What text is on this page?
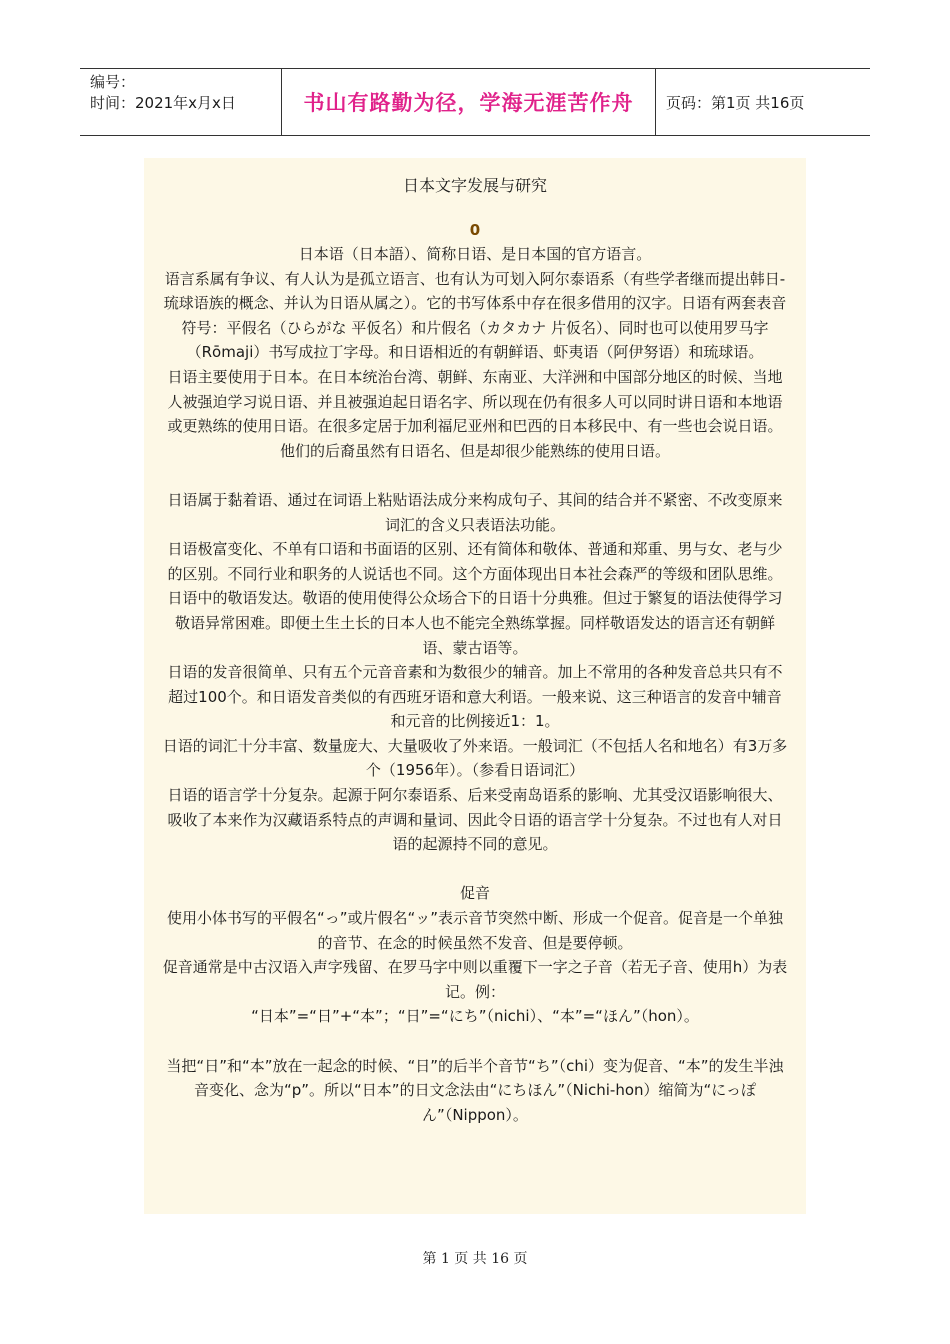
编号：
时间：2021年x月x日	书山有路勤为径，学海无涯苦作舟	页码：第1页 共16页
日本文字发展与研究
0

日本语（日本語）、简称日语、是日本国的官方语言。

语言系属有争议、有人认为是孤立语言、也有认为可划入阿尔泰语系（有些学者继而提出韩日-琉球语族的概念、并认为日语从属之）。它的书写体系中存在很多借用的汉字。日语有两套表音符号：平假名（ひらがな 平仮名）和片假名（カタカナ 片仮名）、同时也可以使用罗马字（Rōmaji）书写成拉丁字母。和日语相近的有朝鲜语、虾夷语（阿伊努语）和琉球语。

日语主要使用于日本。在日本统治台湾、朝鲜、东南亚、大洋洲和中国部分地区的时候、当地人被强迫学习说日语、并且被强迫起日语名字、所以现在仍有很多人可以同时讲日语和本地语或更熟练的使用日语。在很多定居于加利福尼亚州和巴西的日本移民中、有一些也会说日语。他们的后裔虽然有日语名、但是却很少能熟练的使用日语。

日语属于黏着语、通过在词语上粘贴语法成分来构成句子、其间的结合并不紧密、不改变原来词汇的含义只表语法功能。

日语极富变化、不单有口语和书面语的区别、还有简体和敬体、普通和郑重、男与女、老与少的区别。不同行业和职务的人说话也不同。这个方面体现出日本社会森严的等级和团队思维。

日语中的敬语发达。敬语的使用使得公众场合下的日语十分典雅。但过于繁复的语法使得学习敬语异常困难。即便土生土长的日本人也不能完全熟练掌握。同样敬语发达的语言还有朝鲜语、蒙古语等。

日语的发音很简单、只有五个元音音素和为数很少的辅音。加上不常用的各种发音总共只有不超过100个。和日语发音类似的有西班牙语和意大利语。一般来说、这三种语言的发音中辅音和元音的比例接近1：1。

日语的词汇十分丰富、数量庞大、大量吸收了外来语。一般词汇（不包括人名和地名）有3万多个（1956年）。（参看日语词汇）

日语的语言学十分复杂。起源于阿尔泰语系、后来受南岛语系的影响、尤其受汉语影响很大、吸收了本来作为汉藏语系特点的声调和量词、因此令日语的语言学十分复杂。不过也有人对日语的起源持不同的意见。

促音

使用小体书写的平假名“っ”或片假名“ッ”表示音节突然中断、形成一个促音。促音是一个单独的音节、在念的时候虽然不发音、但是要停顿。

促音通常是中古汉语入声字残留、在罗马字中则以重覆下一字之子音（若无子音、使用h）为表记。例：

“日本”=“日”+“本”；“日”=“にち”（nichi）、“本”=“ほん”（hon）。

当把“日”和“本”放在一起念的时候、“日”的后半个音节“ち”（chi）变为促音、“本”的发生半浊音变化、念为“p”。所以“日本”的日文念法由“にちほん”（Nichi-hon）缩简为“にっぽん”（Nippon）。

第 1 页 共 16 页
